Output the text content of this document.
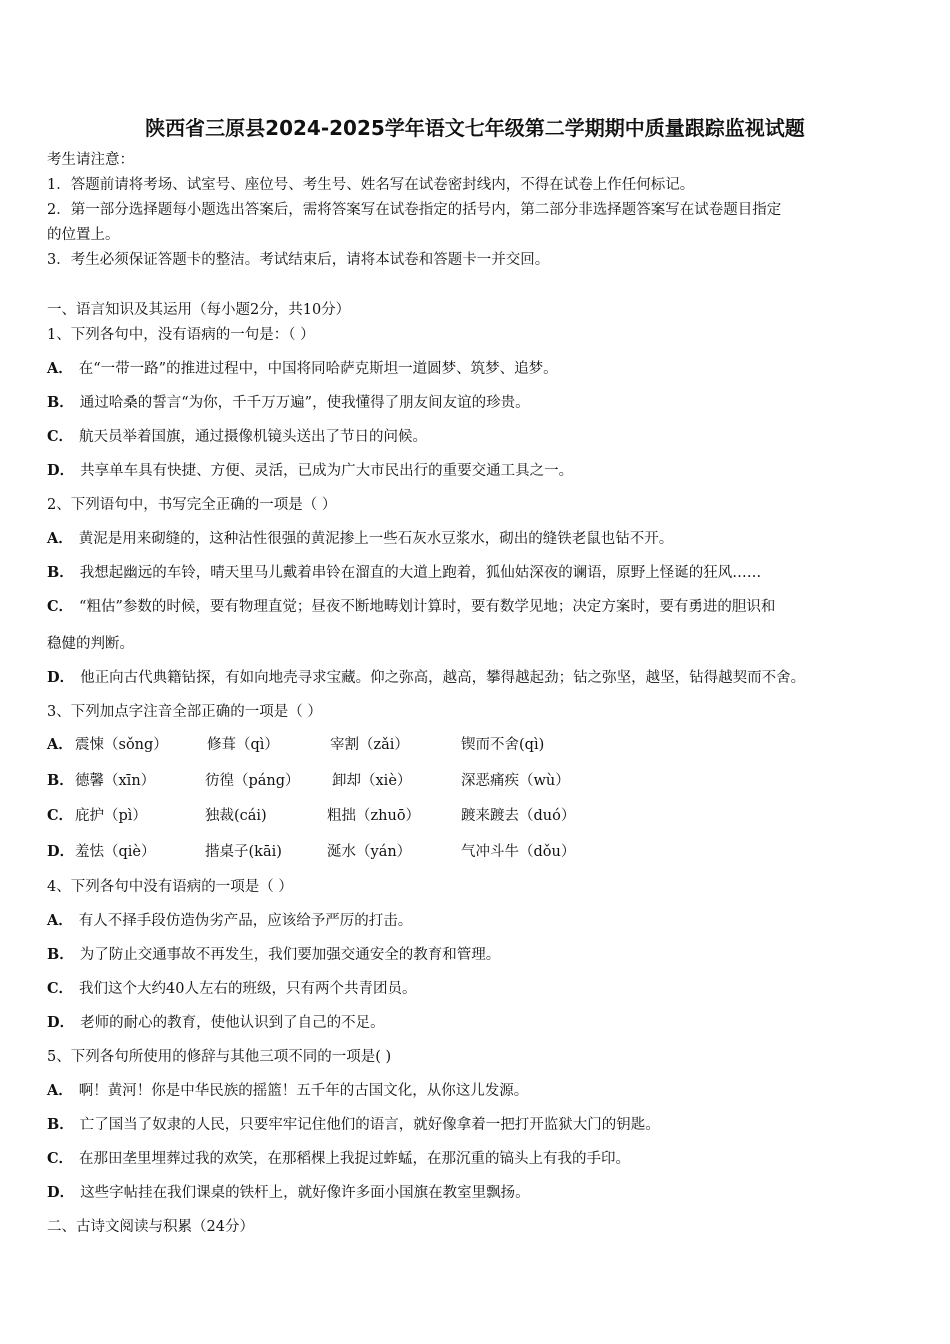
陕西省三原县2024-2025学年语文七年级第二学期期中质量跟踪监视试题
考生请注意：
1．答题前请将考场、试室号、座位号、考生号、姓名写在试卷密封线内，不得在试卷上作任何标记。
2．第一部分选择题每小题选出答案后，需将答案写在试卷指定的括号内，第二部分非选择题答案写在试卷题目指定
的位置上。
3．考生必须保证答题卡的整洁。考试结束后，请将本试卷和答题卡一并交回。
一、语言知识及其运用（每小题2分，共10分）
1、下列各句中，没有语病的一句是：（ ）
A． 在“一带一路”的推进过程中，中国将同哈萨克斯坦一道圆梦、筑梦、追梦。
B． 通过哈桑的誓言“为你，千千万万遍”，使我懂得了朋友间友谊的珍贵。
C． 航天员举着国旗，通过摄像机镜头送出了节日的问候。
D． 共享单车具有快捷、方便、灵活，已成为广大市民出行的重要交通工具之一。
2、下列语句中，书写完全正确的一项是（ ）
A． 黄泥是用来砌缝的，这种沾性很强的黄泥掺上一些石灰水豆浆水，砌出的缝铁老鼠也钻不开。
B． 我想起幽远的车铃，晴天里马儿戴着串铃在溜直的大道上跑着，狐仙姑深夜的谰语，原野上怪诞的狂风……
C． “粗估”参数的时候，要有物理直觉；昼夜不断地畴划计算时，要有数学见地；决定方案时，要有勇进的胆识和
稳健的判断。
D． 他正向古代典籍钻探，有如向地壳寻求宝藏。仰之弥高，越高，攀得越起劲；钻之弥坚，越坚，钻得越契而不舍。
3、下列加点字注音全部正确的一项是（ ）
A． 震悚（sǒng）	修葺（qì）	宰割（zǎi）	锲而不舍(qì)
B． 德馨（xīn）	彷徨（páng） 卸却（xiè）	深恶痛疾（wù）
C． 庇护（pì）	独裁(cái)	粗拙（zhuō）	踱来踱去（duó）
D． 羞怯（qiè）	揩桌子(kāi)	涎水（yán）	气冲斗牛（dǒu）
4、下列各句中没有语病的一项是（ ）
A． 有人不择手段仿造伪劣产品，应该给予严厉的打击。
B． 为了防止交通事故不再发生，我们要加强交通安全的教育和管理。
C． 我们这个大约40人左右的班级，只有两个共青团员。
D． 老师的耐心的教育，使他认识到了自己的不足。
5、下列各句所使用的修辞与其他三项不同的一项是( )
A． 啊！黄河！你是中华民族的摇篮！五千年的古国文化，从你这儿发源。
B． 亡了国当了奴隶的人民，只要牢牢记住他们的语言，就好像拿着一把打开监狱大门的钥匙。
C． 在那田垄里埋葬过我的欢笑，在那稻棵上我捉过蚱蜢，在那沉重的镐头上有我的手印。
D． 这些字帖挂在我们课桌的铁杆上，就好像许多面小国旗在教室里飘扬。
二、古诗文阅读与积累（24分）
